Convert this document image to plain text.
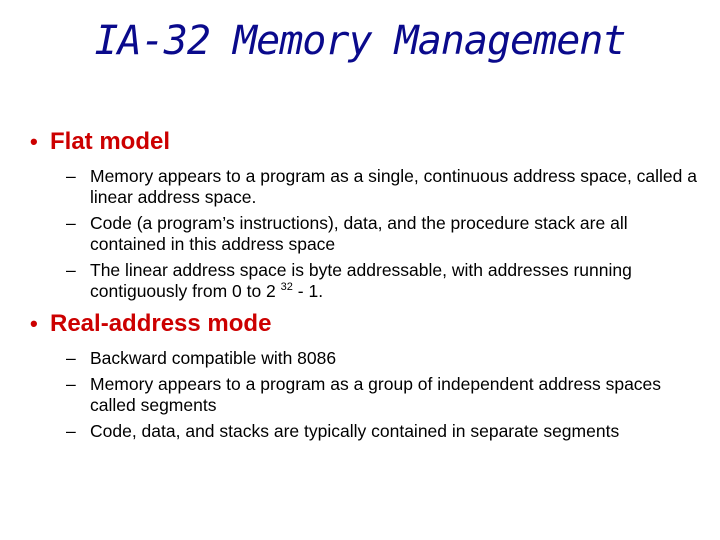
IA-32 Memory Management
• Flat model
– Memory appears to a program as a single, continuous address space, called a linear address space.
– Code (a program’s instructions), data, and the procedure stack are all contained in this address space
– The linear address space is byte addressable, with addresses running contiguously from 0 to 2 $^{32}$ - 1.
• Real-address mode
– Backward compatible with 8086
– Memory appears to a program as a group of independent address spaces called segments
– Code, data, and stacks are typically contained in separate segments
